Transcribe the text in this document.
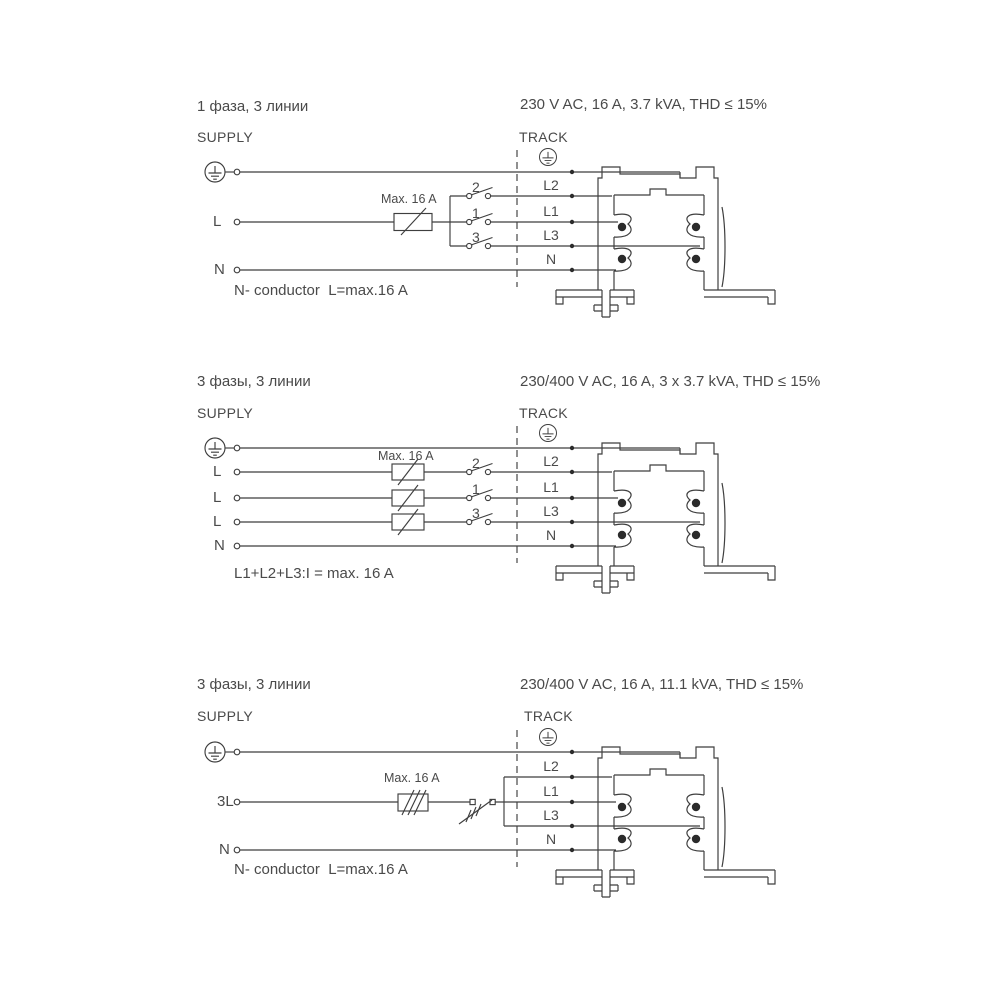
1 фаза, 3 линии	230 V AC, 16 A, 3.7 kVA, THD ≤ 15%
SUPPLY	TRACK
Max. 16 A
2
1
3
L
N
L2
L1
L3
N
N- conductor  L=max.16 A
3 фазы, 3 линии	230/400 V AC, 16 A, 3 x 3.7 kVA, THD ≤ 15%
SUPPLY	TRACK
Max. 16 A	2
1
3
L
L
L
N
L2
L1
L3
N
L1+L2+L3:I = max. 16 A
3 фазы, 3 линии	230/400 V AC, 16 A, 11.1 kVA, THD ≤ 15%
SUPPLY	TRACK
Max. 16 A
3L
N
L2
L1
L3
N
N- conductor  L=max.16 A
